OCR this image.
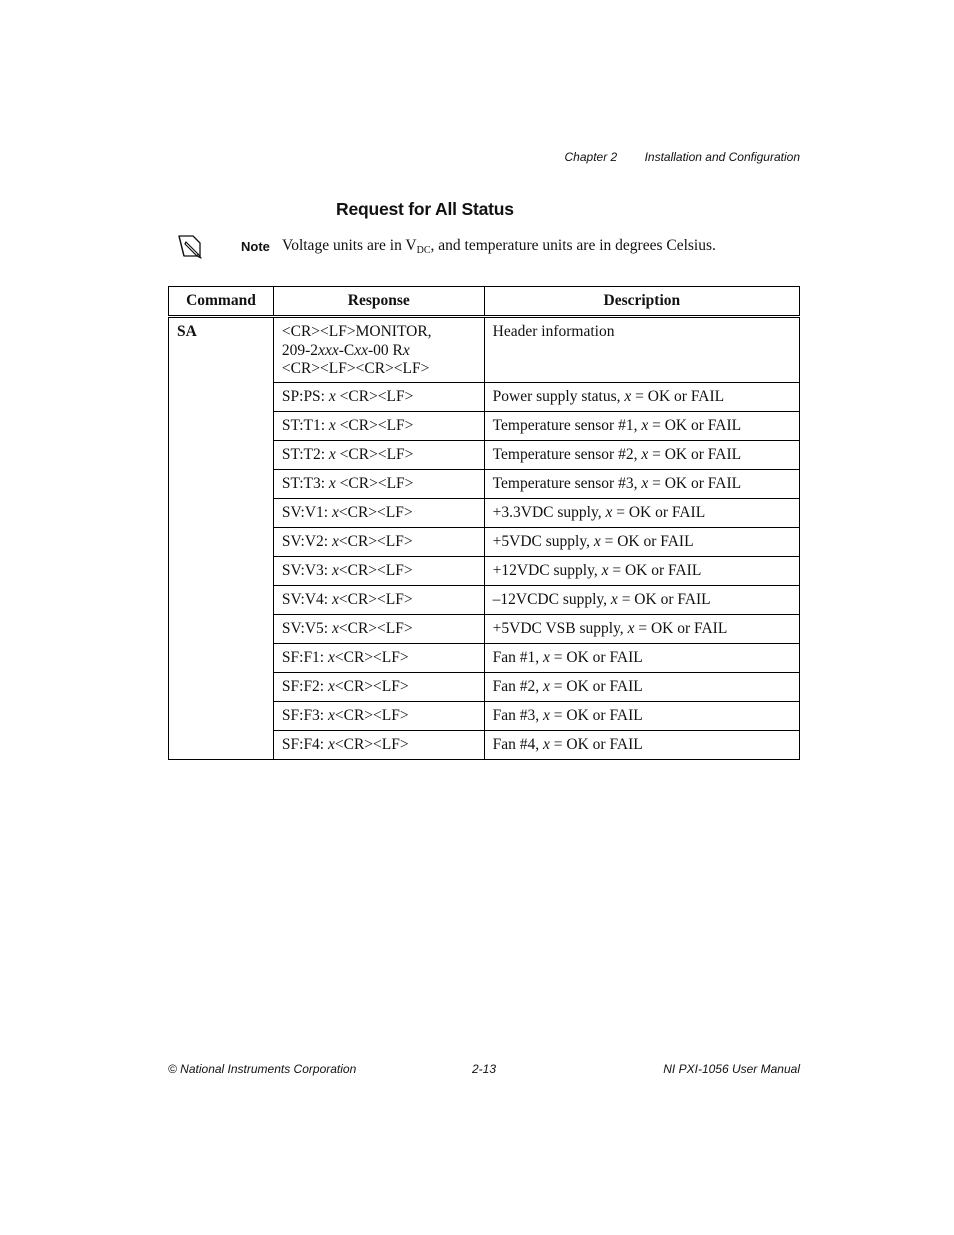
Chapter 2 Installation and Configuration
Request for All Status
Note Voltage units are in $V_{DC}$, and temperature units are in degrees Celsius.
Command	Response	Description
SA	<CR><LF>MONITOR,
209-2xxx-Cxx-00 Rx
<CR><LF><CR><LF>	Header information
	SP:PS: x <CR><LF>	Power supply status, x = OK or FAIL
	ST:T1: x <CR><LF>	Temperature sensor #1, x = OK or FAIL
	ST:T2: x <CR><LF>	Temperature sensor #2, x = OK or FAIL
	ST:T3: x <CR><LF>	Temperature sensor #3, x = OK or FAIL
	SV:V1: x<CR><LF>	+3.3VDC supply, x = OK or FAIL
	SV:V2: x<CR><LF>	+5VDC supply, x = OK or FAIL
	SV:V3: x<CR><LF>	+12VDC supply, x = OK or FAIL
	SV:V4: x<CR><LF>	–12VCDC supply, x = OK or FAIL
	SV:V5: x<CR><LF>	+5VDC VSB supply, x = OK or FAIL
	SF:F1: x<CR><LF>	Fan #1, x = OK or FAIL
	SF:F2: x<CR><LF>	Fan #2, x = OK or FAIL
	SF:F3: x<CR><LF>	Fan #3, x = OK or FAIL
	SF:F4: x<CR><LF>	Fan #4, x = OK or FAIL
© National Instruments Corporation	2-13	NI PXI-1056 User Manual
